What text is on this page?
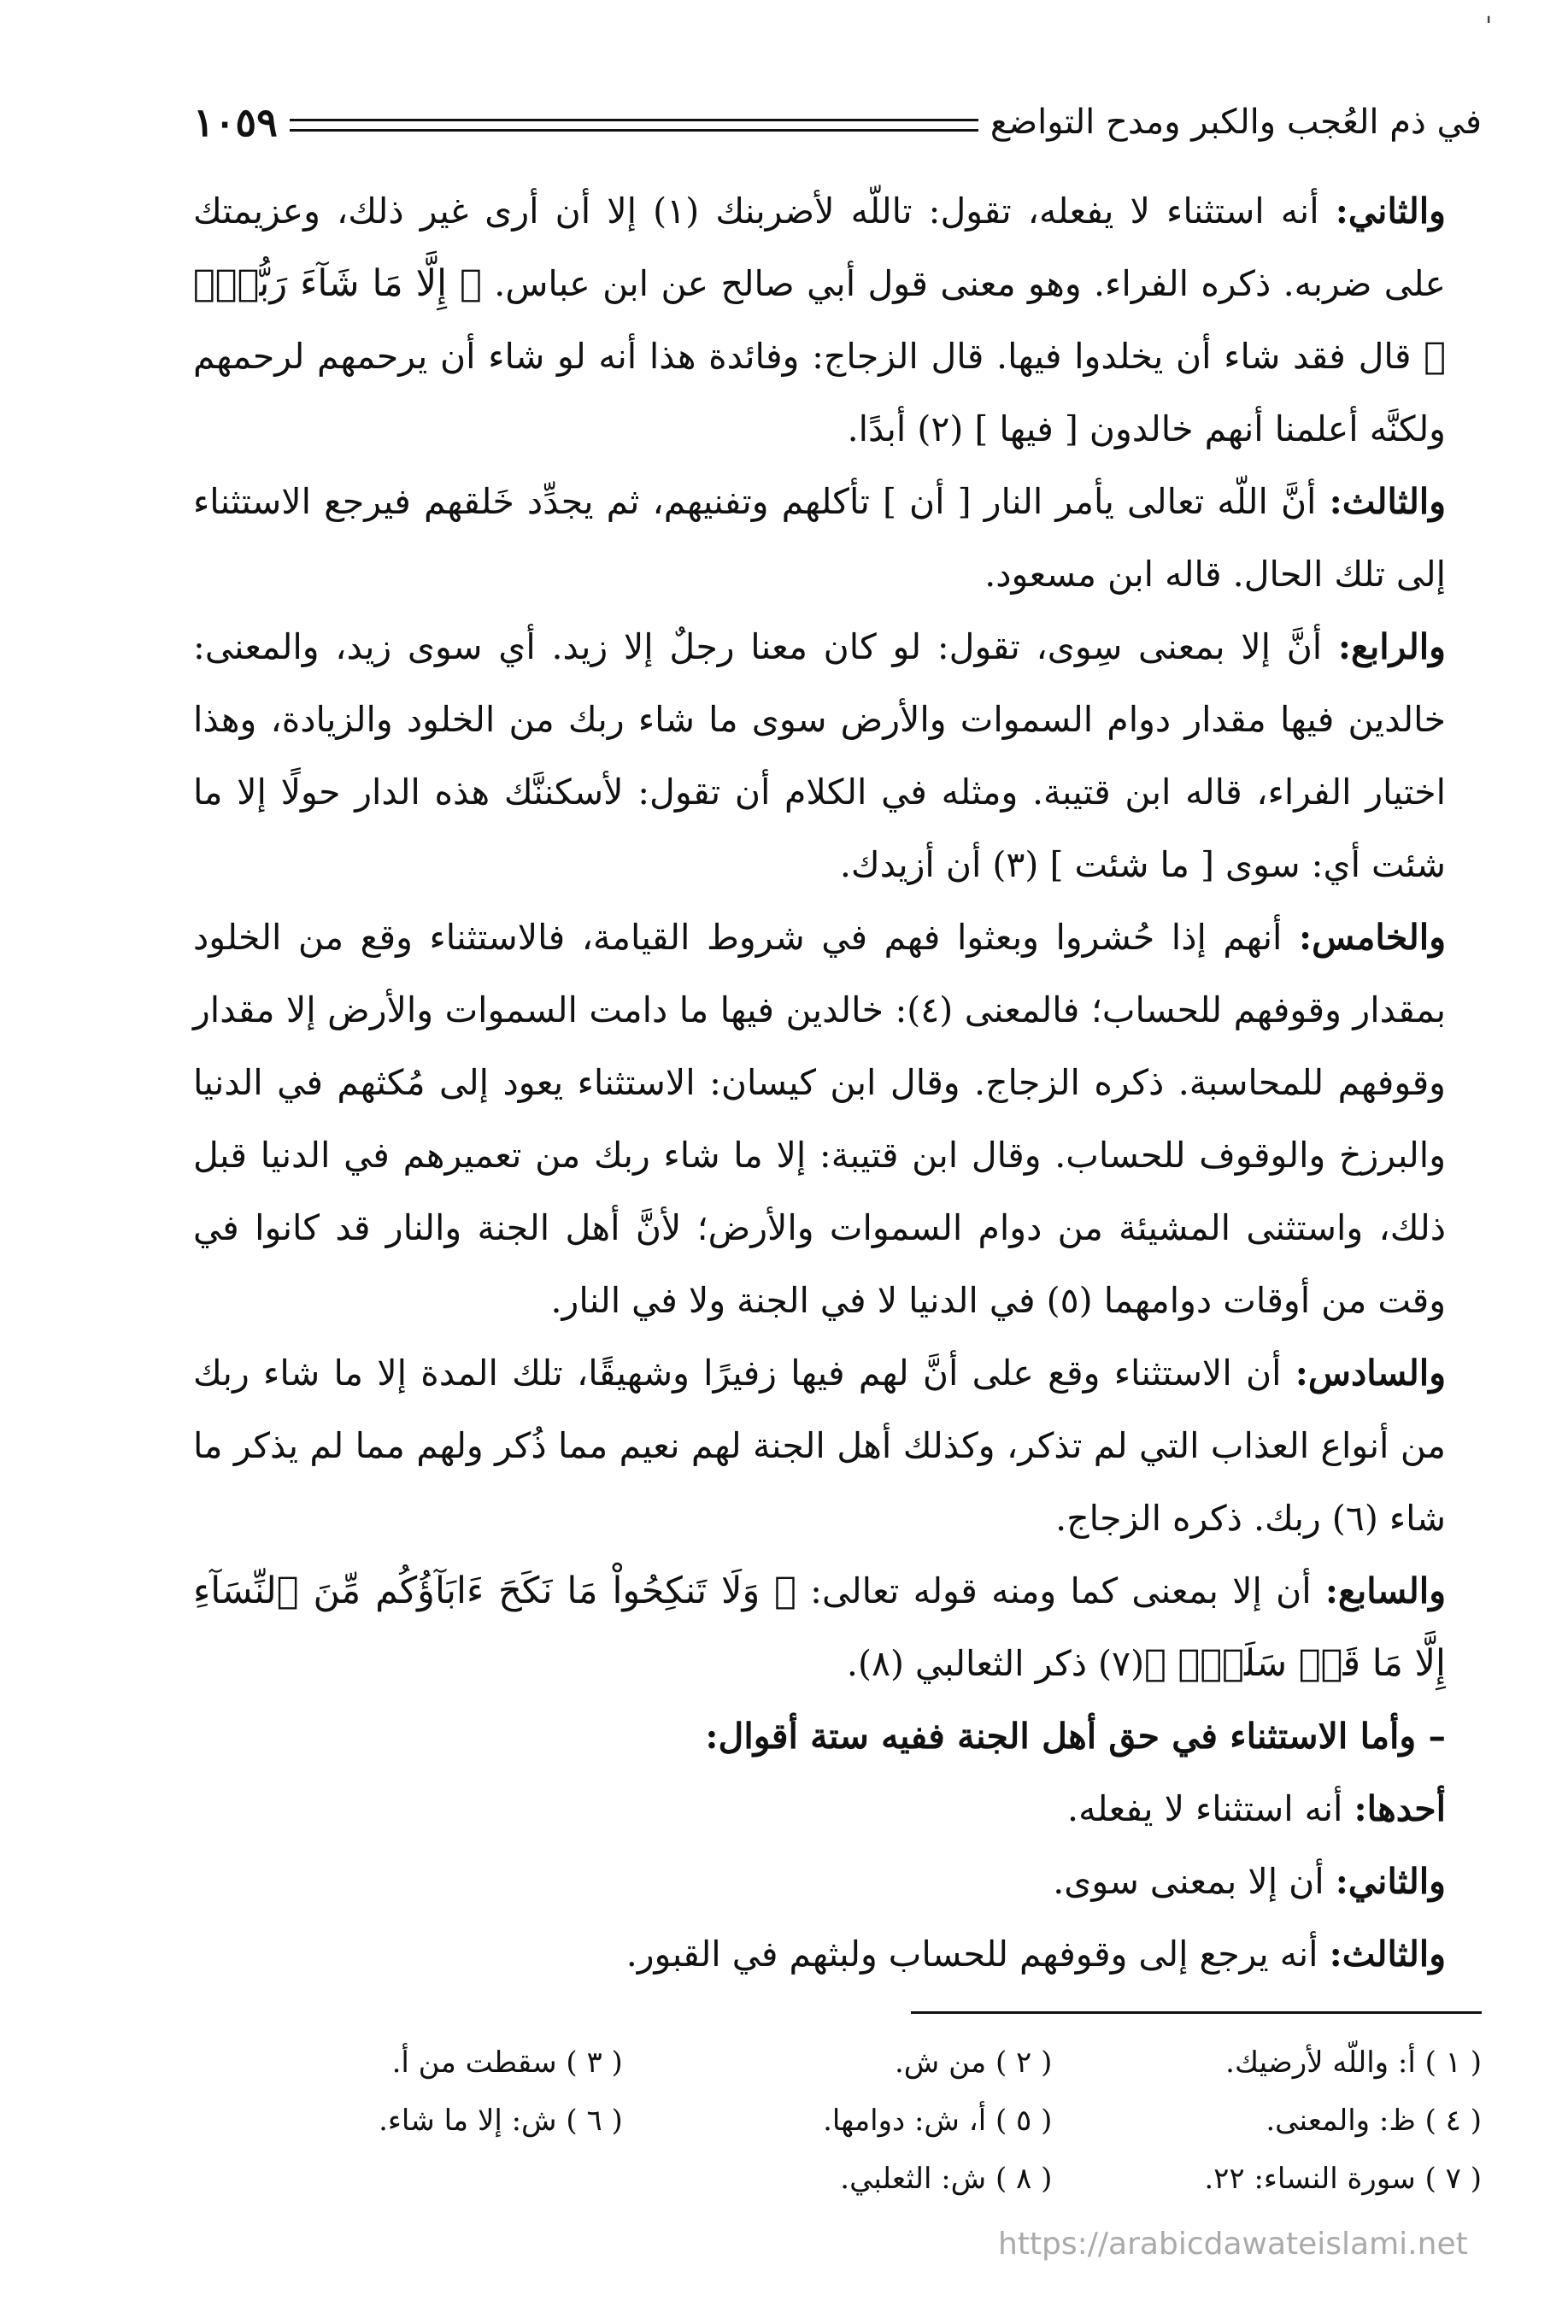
'
في ذم العُجب والكبر ومدح التواضع
١٠٥٩

والثاني: أنه استثناء لا يفعله، تقول: تاللّه لأضربنك (١) إلا أن أرى غير ذلك، وعزيمتك على ضربه. ذكره الفراء. وهو معنى قول أبي صالح عن ابن عباس. ﴿ إِلَّا مَا شَآءَ رَبُّكَۚ ﴾ قال فقد شاء أن يخلدوا فيها. قال الزجاج: وفائدة هذا أنه لو شاء أن يرحمهم لرحمهم ولكنَّه أعلمنا أنهم خالدون [ فيها ] (٢) أبدًا.

والثالث: أنَّ اللّه تعالى يأمر النار [ أن ] تأكلهم وتفنيهم، ثم يجدِّد خَلقهم فيرجع الاستثناء إلى تلك الحال. قاله ابن مسعود.

والرابع: أنَّ إلا بمعنى سِوى، تقول: لو كان معنا رجلٌ إلا زيد. أي سوى زيد، والمعنى: خالدين فيها مقدار دوام السموات والأرض سوى ما شاء ربك من الخلود والزيادة، وهذا اختيار الفراء، قاله ابن قتيبة. ومثله في الكلام أن تقول: لأسكننَّك هذه الدار حولًا إلا ما شئت أي: سوى [ ما شئت ] (٣) أن أزيدك.

والخامس: أنهم إذا حُشروا وبعثوا فهم في شروط القيامة، فالاستثناء وقع من الخلود بمقدار وقوفهم للحساب؛ فالمعنى (٤): خالدين فيها ما دامت السموات والأرض إلا مقدار وقوفهم للمحاسبة. ذكره الزجاج. وقال ابن كيسان: الاستثناء يعود إلى مُكثهم في الدنيا والبرزخ والوقوف للحساب. وقال ابن قتيبة: إلا ما شاء ربك من تعميرهم في الدنيا قبل ذلك، واستثنى المشيئة من دوام السموات والأرض؛ لأنَّ أهل الجنة والنار قد كانوا في وقت من أوقات دوامهما (٥) في الدنيا لا في الجنة ولا في النار.

والسادس: أن الاستثناء وقع على أنَّ لهم فيها زفيرًا وشهيقًا، تلك المدة إلا ما شاء ربك من أنواع العذاب التي لم تذكر، وكذلك أهل الجنة لهم نعيم مما ذُكر ولهم مما لم يذكر ما شاء (٦) ربك. ذكره الزجاج.

والسابع: أن إلا بمعنى كما ومنه قوله تعالى: ﴿ وَلَا تَنكِحُواْ مَا نَكَحَ ءَابَآؤُكُم مِّنَ ٱلنِّسَآءِ إِلَّا مَا قَدۡ سَلَفَۚ ﴾(٧) ذكر الثعالبي (٨).

– وأما الاستثناء في حق أهل الجنة ففيه ستة أقوال:

أحدها: أنه استثناء لا يفعله.

والثاني: أن إلا بمعنى سوى.

والثالث: أنه يرجع إلى وقوفهم للحساب ولبثهم في القبور.

( ١ ) أ: واللّه لأرضيك.
( ٢ ) من ش.
( ٣ ) سقطت من أ.
( ٤ ) ظ: والمعنى.
( ٥ ) أ، ش: دوامها.
( ٦ ) ش: إلا ما شاء.
( ٧ ) سورة النساء: ٢٢.
( ٨ ) ش: الثعلبي.
https://arabicdawateislami.net
